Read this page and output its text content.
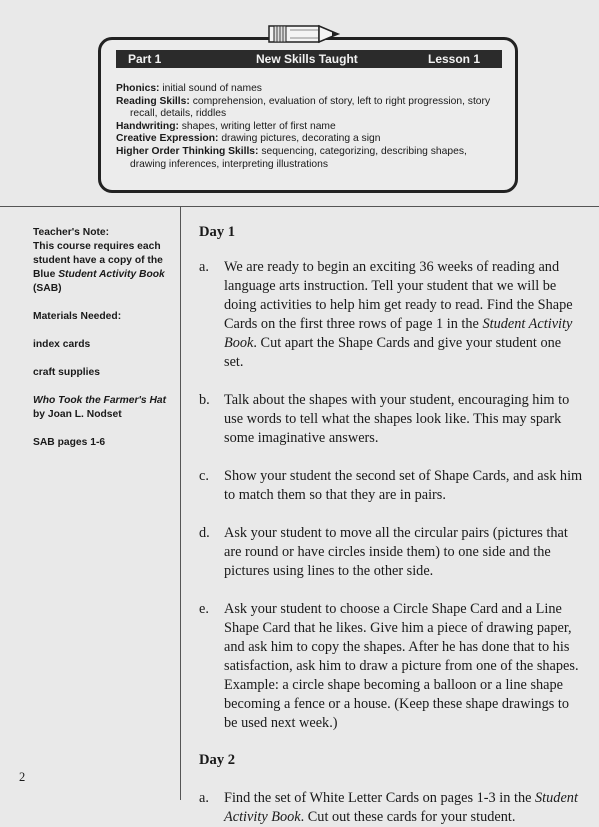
Part 1	New Skills Taught	Lesson 1

Phonics: initial sound of names

Reading Skills: comprehension, evaluation of story, left to right progression, story
recall, details, riddles

Handwriting: shapes, writing letter of first name

Creative Expression: drawing pictures, decorating a sign

Higher Order Thinking Skills: sequencing, categorizing, describing shapes,
drawing inferences, interpreting illustrations

Teacher's Note:

This course requires each student have a copy of the Blue Student Activity Book (SAB)

Materials Needed:

index cards

craft supplies

Who Took the Farmer's Hat by Joan L. Nodset

SAB pages 1-6

Day 1

a. We are ready to begin an exciting 36 weeks of reading and language arts instruction. Tell your student that we will be doing activities to help him get ready to read. Find the Shape Cards on the first three rows of page 1 in the Student Activity Book. Cut apart the Shape Cards and give your student one set.

b. Talk about the shapes with your student, encouraging him to use words to tell what the shapes look like. This may spark some imaginative answers.

c. Show your student the second set of Shape Cards, and ask him to match them so that they are in pairs.

d. Ask your student to move all the circular pairs (pictures that are round or have circles inside them) to one side and the pictures using lines to the other side.

e. Ask your student to choose a Circle Shape Card and a Line Shape Card that he likes. Give him a piece of drawing paper, and ask him to copy the shapes. After he has done that to his satisfaction, ask him to draw a picture from one of the shapes. Example: a circle shape becoming a balloon or a line shape becoming a fence or a house. (Keep these shape drawings to be used next week.)

Day 2

a. Find the set of White Letter Cards on pages 1-3 in the Student Activity Book. Cut out these cards for your student.

2
